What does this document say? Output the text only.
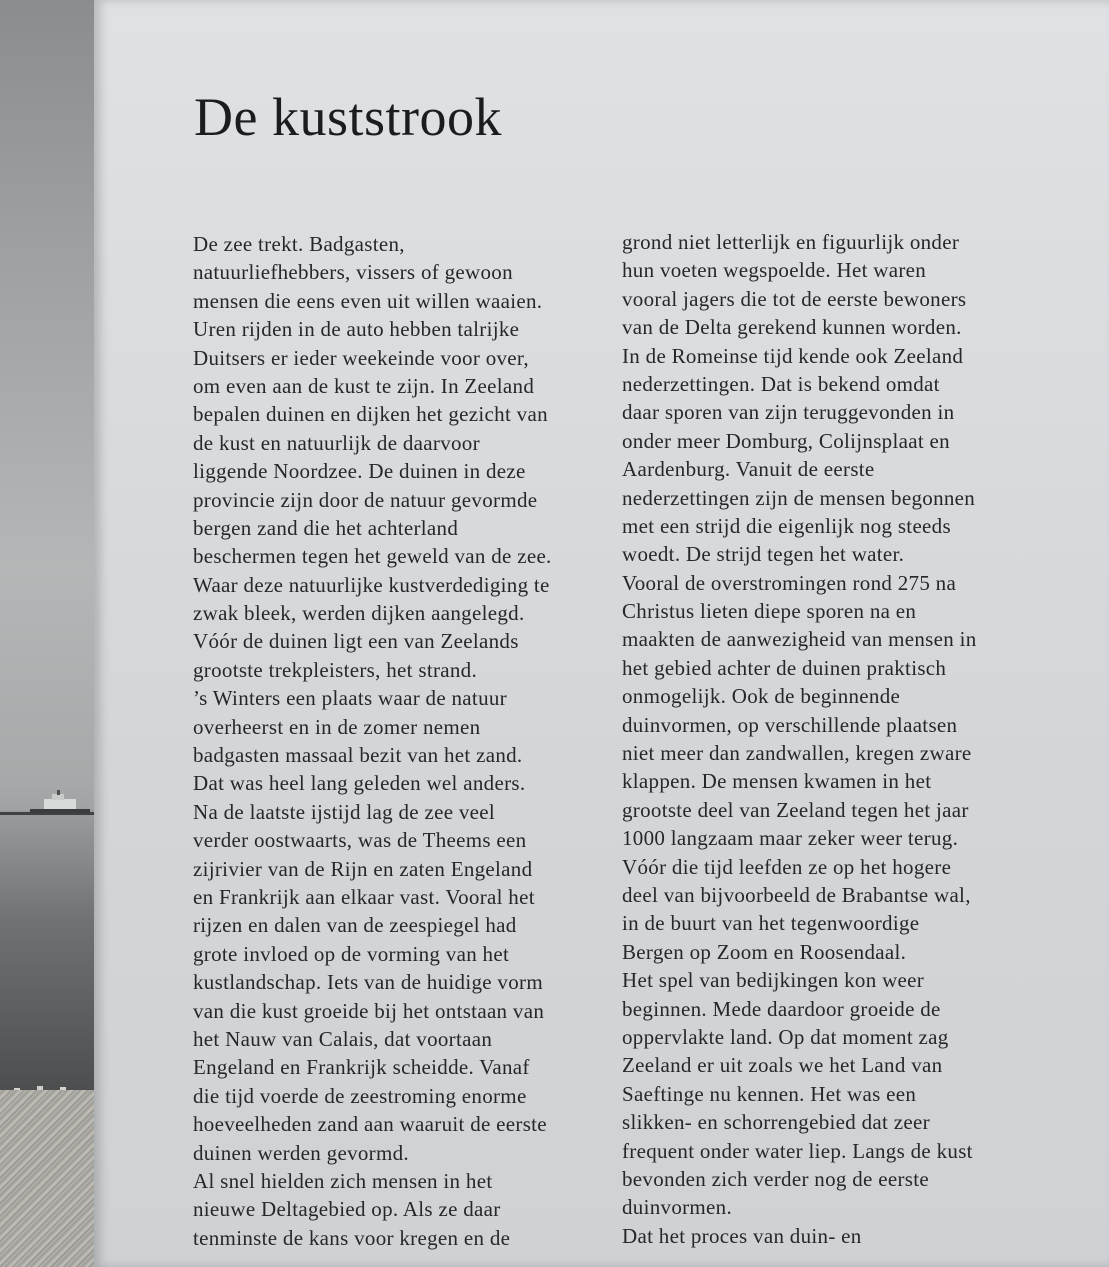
De kuststrook
De zee trekt. Badgasten,
natuurliefhebbers, vissers of gewoon
mensen die eens even uit willen waaien.
Uren rijden in de auto hebben talrijke
Duitsers er ieder weekeinde voor over,
om even aan de kust te zijn. In Zeeland
bepalen duinen en dijken het gezicht van
de kust en natuurlijk de daarvoor
liggende Noordzee. De duinen in deze
provincie zijn door de natuur gevormde
bergen zand die het achterland
beschermen tegen het geweld van de zee.
Waar deze natuurlijke kustverdediging te
zwak bleek, werden dijken aangelegd.
Vóór de duinen ligt een van Zeelands
grootste trekpleisters, het strand.
’s Winters een plaats waar de natuur
overheerst en in de zomer nemen
badgasten massaal bezit van het zand.
Dat was heel lang geleden wel anders.
Na de laatste ijstijd lag de zee veel
verder oostwaarts, was de Theems een
zijrivier van de Rijn en zaten Engeland
en Frankrijk aan elkaar vast. Vooral het
rijzen en dalen van de zeespiegel had
grote invloed op de vorming van het
kustlandschap. Iets van de huidige vorm
van die kust groeide bij het ontstaan van
het Nauw van Calais, dat voortaan
Engeland en Frankrijk scheidde. Vanaf
die tijd voerde de zeestroming enorme
hoeveelheden zand aan waaruit de eerste
duinen werden gevormd.
Al snel hielden zich mensen in het
nieuwe Deltagebied op. Als ze daar
tenminste de kans voor kregen en de
grond niet letterlijk en figuurlijk onder
hun voeten wegspoelde. Het waren
vooral jagers die tot de eerste bewoners
van de Delta gerekend kunnen worden.
In de Romeinse tijd kende ook Zeeland
nederzettingen. Dat is bekend omdat
daar sporen van zijn teruggevonden in
onder meer Domburg, Colijnsplaat en
Aardenburg. Vanuit de eerste
nederzettingen zijn de mensen begonnen
met een strijd die eigenlijk nog steeds
woedt. De strijd tegen het water.
Vooral de overstromingen rond 275 na
Christus lieten diepe sporen na en
maakten de aanwezigheid van mensen in
het gebied achter de duinen praktisch
onmogelijk. Ook de beginnende
duinvormen, op verschillende plaatsen
niet meer dan zandwallen, kregen zware
klappen. De mensen kwamen in het
grootste deel van Zeeland tegen het jaar
1000 langzaam maar zeker weer terug.
Vóór die tijd leefden ze op het hogere
deel van bijvoorbeeld de Brabantse wal,
in de buurt van het tegenwoordige
Bergen op Zoom en Roosendaal.
Het spel van bedijkingen kon weer
beginnen. Mede daardoor groeide de
oppervlakte land. Op dat moment zag
Zeeland er uit zoals we het Land van
Saeftinge nu kennen. Het was een
slikken- en schorrengebied dat zeer
frequent onder water liep. Langs de kust
bevonden zich verder nog de eerste
duinvormen.
Dat het proces van duin- en
